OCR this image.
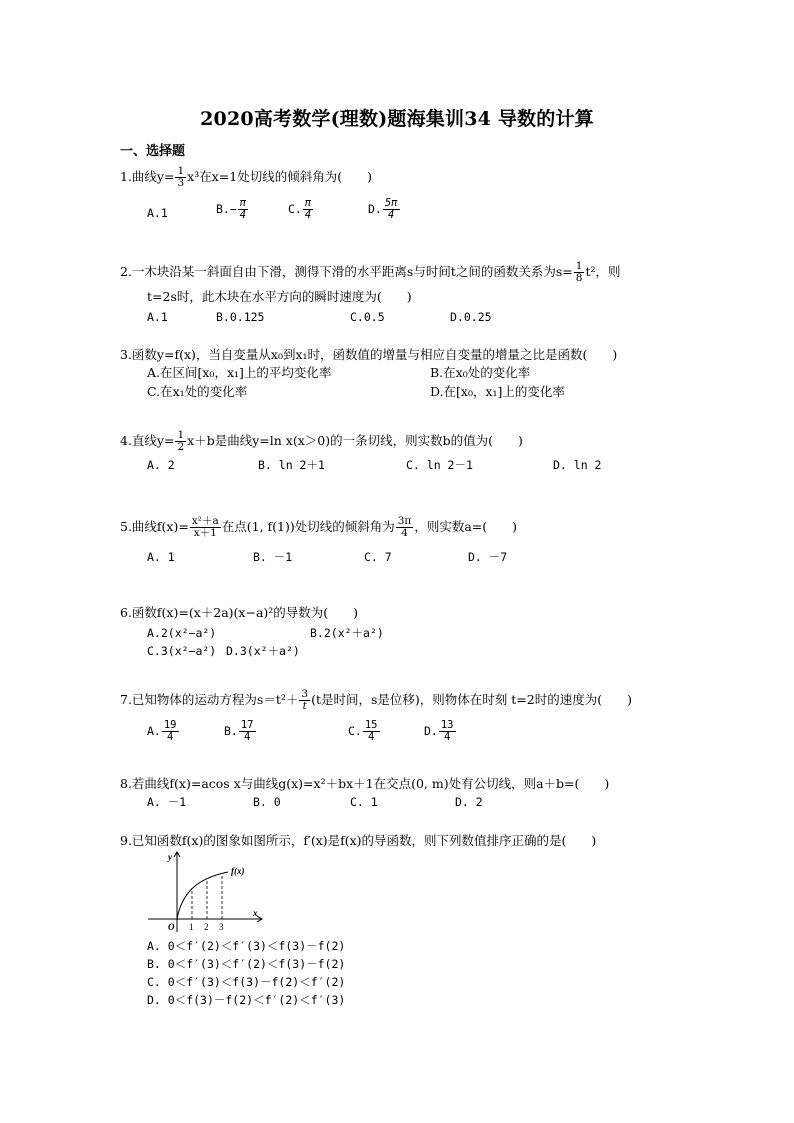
2020高考数学(理数)题海集训34 导数的计算
一、选择题
1.曲线$y= \frac{1}{3} x^3$在x=1处切线的倾斜角为(　　)
A.1	$B.- \frac{\pi}{4}$	C. $\frac{\pi}{4}$	D. $\frac{5\pi}{4}$
2.一木块沿某一斜面自由下滑，测得下滑的水平距离s与时间t之间的函数关系为$s= \frac{1}{8} t^2$，则
t=2s时，此木块在水平方向的瞬时速度为(　　)
A.1	B.0.125	C.0.5	D.0.25
3.函数y=f(x)，当自变量从x₀到x₁时，函数值的增量与相应自变量的增量之比是函数(　　)
A.在区间[x₀，x₁]上的平均变化率	B.在x₀处的变化率
C.在x₁处的变化率	D.在[x₀，x₁]上的变化率
4.直线$y= \frac{1}{2} x+b$是曲线y=ln x(x＞0)的一条切线，则实数b的值为(　　)
A. 2	B. ln 2＋1	C. ln 2－1	D. ln 2
5.曲线$f(x)= \frac{\text{x²＋a}}{x+1}$ 在点(1, f(1))处切线的倾斜角为 $\frac{3\pi}{4}$ ，则实数a=(　　)
A. 1	B. －1	C. 7	D. －7
6.函数f(x)=(x＋2a)(x−a)²的导数为(　　)
A.2(x²−a²)	B.2(x²＋a²)
C.3(x²−a²) D.3(x²＋a²)
7.已知物体的运动方程为$s=t^2+ \frac{3}{t} (t$是时间，s是位移)，则物体在时刻 t=2时的速度为(　　)
A. $\frac{19}{4}$	B. $\frac{17}{4}$	C. $\frac{15}{4}$	D. $\frac{13}{4}$
8.若曲线f(x)=acos x与曲线g(x)=x²＋bx＋1在交点(0, m)处有公切线，则a＋b=(　　)
A. －1	B. 0	C. 1	D. 2
9.已知函数f(x)的图象如图所示，f′(x)是f(x)的导函数，则下列数值排序正确的是(　　)
y
x
O 1 2 3
f(x)
A. 0＜f′(2)＜f′(3)＜f(3)－f(2)
B. 0＜f′(3)＜f′(2)＜f(3)－f(2)
C. 0＜f′(3)＜f(3)－f(2)＜f′(2)
D. 0＜f(3)－f(2)＜f′(2)＜f′(3)
